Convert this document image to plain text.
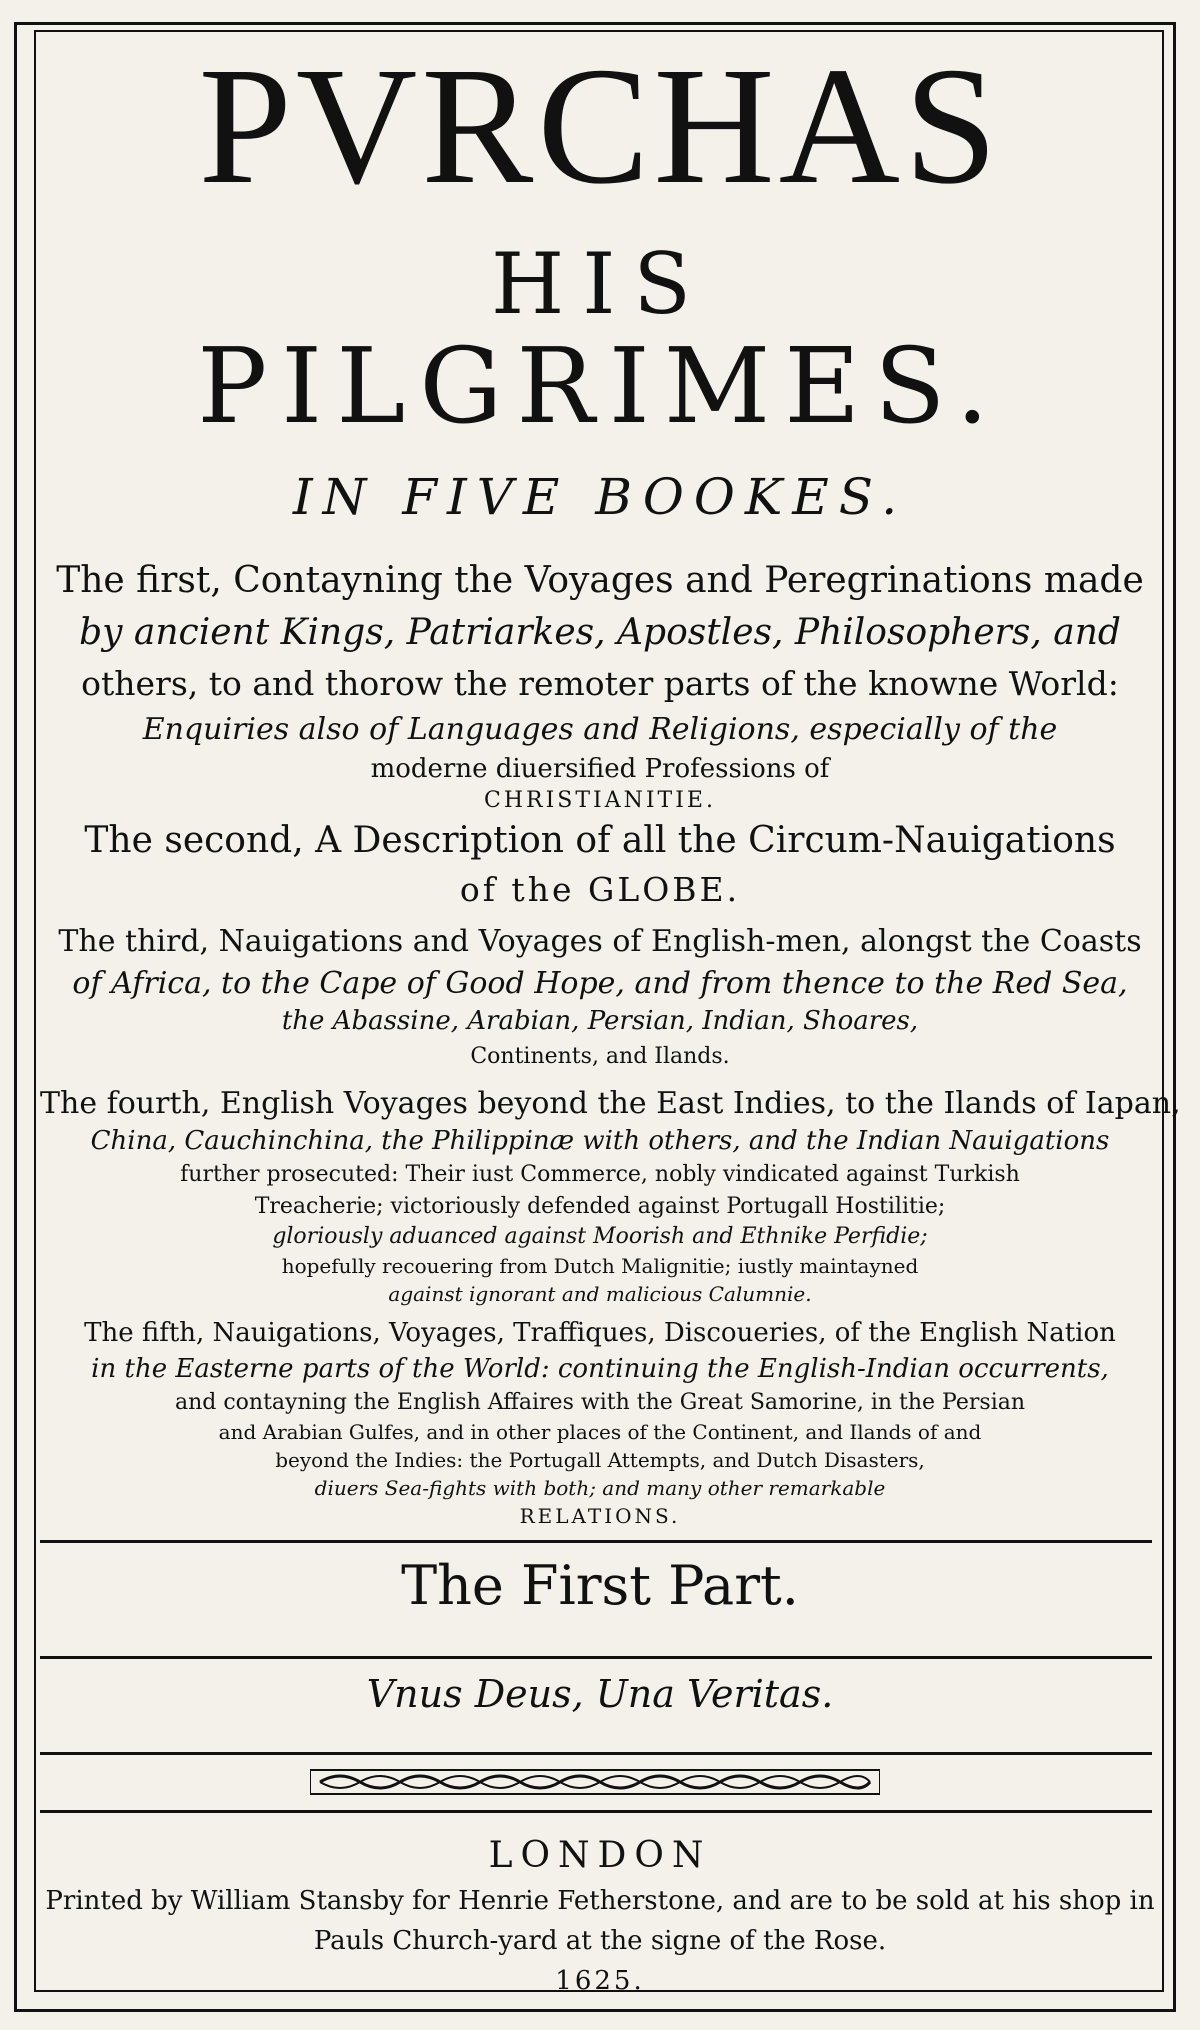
PVRCHAS
HIS
PILGRIMES.
IN FIVE BOOKES.
The first, Contayning the Voyages and Peregrinations made
by ancient Kings, Patriarkes, Apostles, Philosophers, and
others, to and thorow the remoter parts of the knowne World:
Enquiries also of Languages and Religions, especially of the
moderne diuersified Professions of
CHRISTIANITIE.
The second, A Description of all the Circum-Nauigations
of the GLOBE.
The third, Nauigations and Voyages of English-men, alongst the Coasts
of Africa, to the Cape of Good Hope, and from thence to the Red Sea,
the Abassine, Arabian, Persian, Indian, Shoares,
Continents, and Ilands.
The fourth, English Voyages beyond the East Indies, to the Ilands of Iapan,
China, Cauchinchina, the Philippinæ with others, and the Indian Nauigations
further prosecuted: Their iust Commerce, nobly vindicated against Turkish
Treacherie; victoriously defended against Portugall Hostilitie;
gloriously aduanced against Moorish and Ethnike Perfidie;
hopefully recouering from Dutch Malignitie; iustly maintayned
against ignorant and malicious Calumnie.
The fifth, Nauigations, Voyages, Traffiques, Discoueries, of the English Nation
in the Easterne parts of the World: continuing the English-Indian occurrents,
and contayning the English Affaires with the Great Samorine, in the Persian
and Arabian Gulfes, and in other places of the Continent, and Ilands of and
beyond the Indies: the Portugall Attempts, and Dutch Disasters,
diuers Sea-fights with both; and many other remarkable
RELATIONS.
The First Part.
Vnus Deus, Una Veritas.
LONDON
Printed by William Stansby for Henrie Fetherstone, and are to be sold at his shop in
Pauls Church-yard at the signe of the Rose.
1625.
